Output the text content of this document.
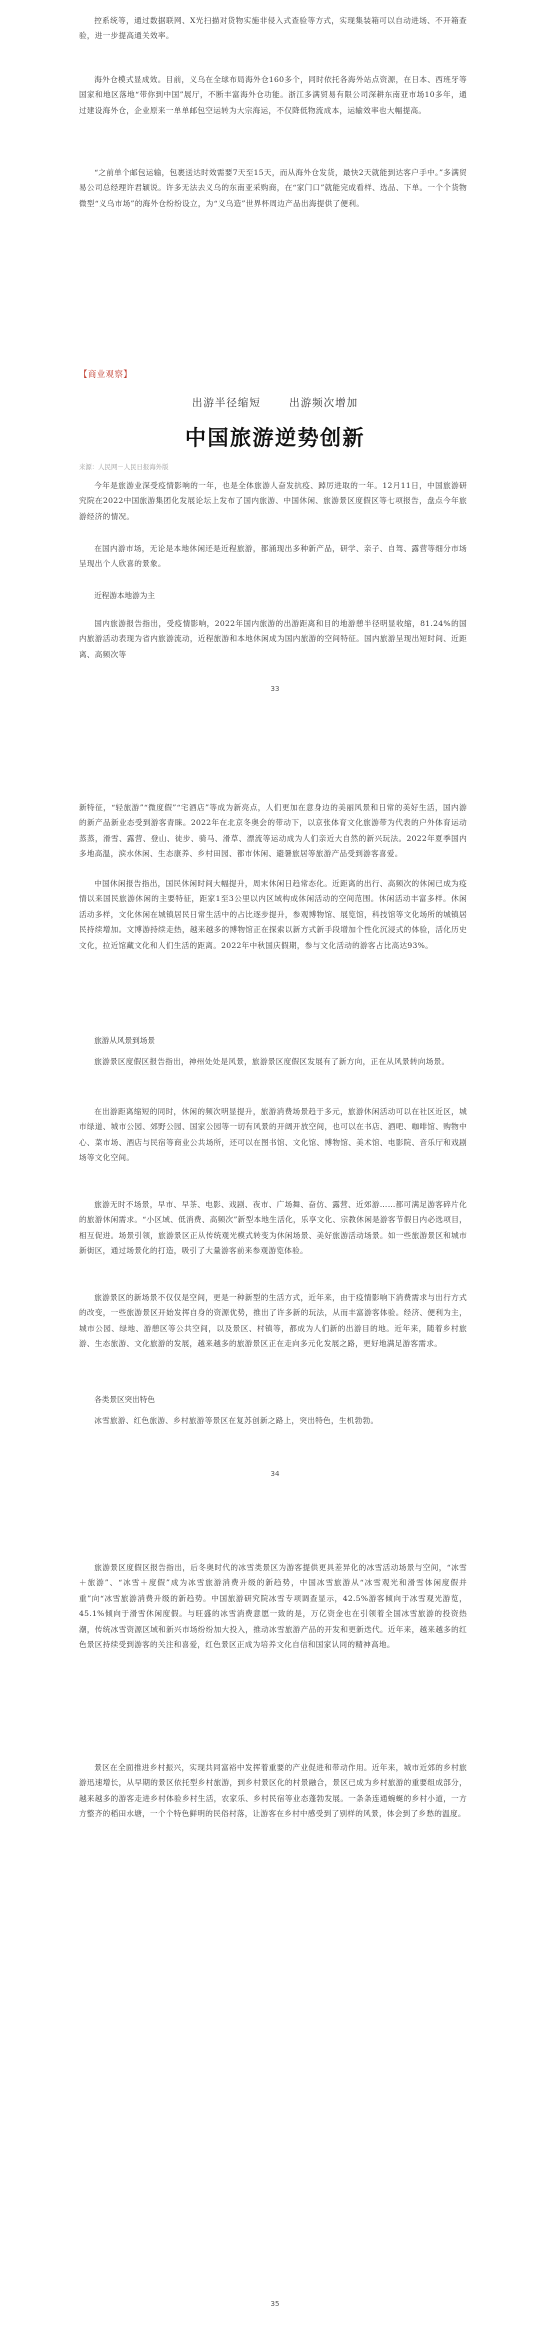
控系统等，通过数据联网、X光扫描对货物实施非侵入式查验等方式，实现集装箱可以自动进场、不开箱查验，进一步提高通关效率。

海外仓模式显成效。目前，义乌在全球布局海外仓160多个，同时依托各海外站点资源，在日本、西班牙等国家和地区落地“带你到中国”展厅，不断丰富海外仓功能。浙江多满贸易有限公司深耕东南亚市场10多年，通过建设海外仓，企业原来一单单邮包空运转为大宗海运，不仅降低物流成本，运输效率也大幅提高。

“之前单个邮包运输，包裹送达时效需要7天至15天，而从海外仓发货，最快2天就能到达客户手中。”多满贸易公司总经理许君颖说。许多无法去义乌的东南亚采购商，在“家门口”就能完成看样、选品、下单。一个个货物微型“义乌市场”的海外仓纷纷设立，为“义乌造”世界杯周边产品出海提供了便利。

【商业观察】
出游半径缩短	出游频次增加
中国旅游逆势创新
来源：人民网－人民日报海外版

今年是旅游业深受疫情影响的一年，也是全体旅游人奋发抗疫、踔厉进取的一年。12月11日，中国旅游研究院在2022中国旅游集团化发展论坛上发布了国内旅游、中国休闲、旅游景区度假区等七项报告，盘点今年旅游经济的情况。

在国内游市场，无论是本地休闲还是近程旅游，都涌现出多种新产品，研学、亲子、自驾、露营等细分市场呈现出个人欣喜的景象。

近程游本地游为主

国内旅游报告指出，受疫情影响，2022年国内旅游的出游距离和目的地游憩半径明显收缩，81.24%的国内旅游活动表现为省内旅游流动，近程旅游和本地休闲成为国内旅游的空间特征。国内旅游呈现出短时间、近距离、高频次等

33

新特征，“轻旅游”“微度假”“宅酒店”等成为新亮点，人们更加在意身边的美丽风景和日常的美好生活，国内游的新产品新业态受到游客青睐。2022年在北京冬奥会的带动下，以京张体育文化旅游带为代表的户外体育运动蒸蒸，滑雪、露营、登山、徒步、骑马、滑草、漂流等运动成为人们亲近大自然的新兴玩法。2022年夏季国内多地高温，滨水休闲、生态康养、乡村田园、都市休闲、避暑旅居等旅游产品受到游客喜爱。

中国休闲报告指出，国民休闲时间大幅提升，周末休闲日趋常态化。近距离的出行、高频次的休闲已成为疫情以来国民旅游休闲的主要特征，距家1至3公里以内区域构成休闲活动的空间范围。休闲活动丰富多样。休闲活动多样，文化休闲在城镇居民日常生活中的占比逐步提升，参观博物馆、展览馆，科技馆等文化场所的城镇居民持续增加。文博游持续走热，越来越多的博物馆正在探索以新方式新手段增加个性化沉浸式的体验，活化历史文化，拉近馆藏文化和人们生活的距离。2022年中秋国庆假期，参与文化活动的游客占比高达93%。

旅游从风景到场景

旅游景区度假区报告指出，神州处处是风景，旅游景区度假区发展有了新方向，正在从风景转向场景。

在出游距离缩短的同时，休闲的频次明显提升，旅游消费场景趋于多元，旅游休闲活动可以在社区近区，城市绿道、城市公园、郊野公园、国家公园等一切有风景的开阔开放空间，也可以在书店、酒吧、咖啡馆、购物中心、菜市场、酒店与民宿等商业公共场所，还可以在图书馆、文化馆、博物馆、美术馆、电影院、音乐厅和戏剧场等文化空间。

旅游无时不场景，早市、早茶、电影、戏剧、夜市、广场舞、奋仿、露营、近郊游……都可满足游客碎片化的旅游休闲需求。“小区域、低消费、高频次”新型本地生活化，乐享文化、宗教休闲是游客节假日内必选项目，相互促进。场景引领，旅游景区正从传统观光模式转变为休闲场景、美好旅游活动场景。如一些旅游景区和城市新街区，通过场景化的打造，吸引了大量游客前来参观游览体验。

旅游景区的新场景不仅仅是空间，更是一种新型的生活方式，近年来，由于疫情影响下消费需求与出行方式的改变，一些旅游景区开始发挥自身的资源优势，推出了许多新的玩法，从而丰富游客体验。经济、便利为主，城市公园、绿地、游憩区等公共空间，以及景区、村镇等，都成为人们新的出游目的地。近年来，随着乡村旅游、生态旅游、文化旅游的发展，越来越多的旅游景区正在走向多元化发展之路，更好地满足游客需求。

各类景区突出特色

冰雪旅游、红色旅游、乡村旅游等景区在复苏创新之路上，突出特色，生机勃勃。

34

旅游景区度假区报告指出，后冬奥时代的冰雪类景区为游客提供更具差异化的冰雪活动场景与空间，“冰雪＋旅游”、“冰雪＋度假”成为冰雪旅游消费升级的新趋势，中国冰雪旅游从“冰雪观光和滑雪体闲度假并重”向“冰雪旅游消费升级的新趋势。中国旅游研究院冰雪专项调查显示，42.5%游客倾向于冰雪观光游览，45.1%倾向于滑雪休闲度假。与旺盛的冰雪消费意愿一致的是，万亿资金也在引领着全国冰雪旅游的投资热潮，传统冰雪资源区域和新兴市场纷纷加大投入，推动冰雪旅游产品的开发和更新迭代。近年来，越来越多的红色景区持续受到游客的关注和喜爱，红色景区正成为培养文化自信和国家认同的精神高地。

景区在全面推进乡村振兴，实现共同富裕中发挥着重要的产业促进和带动作用。近年来，城市近郊的乡村旅游迅速增长，从早期的景区依托型乡村旅游，到乡村景区化的村景融合，景区已成为乡村旅游的重要组成部分，越来越多的游客走进乡村体验乡村生活，农家乐、乡村民宿等业态蓬勃发展。一条条连通蜿蜒的乡村小道，一方方整齐的稻田水塘，一个个特色鲜明的民俗村落，让游客在乡村中感受到了别样的风景，体会到了乡愁的温度。

35
